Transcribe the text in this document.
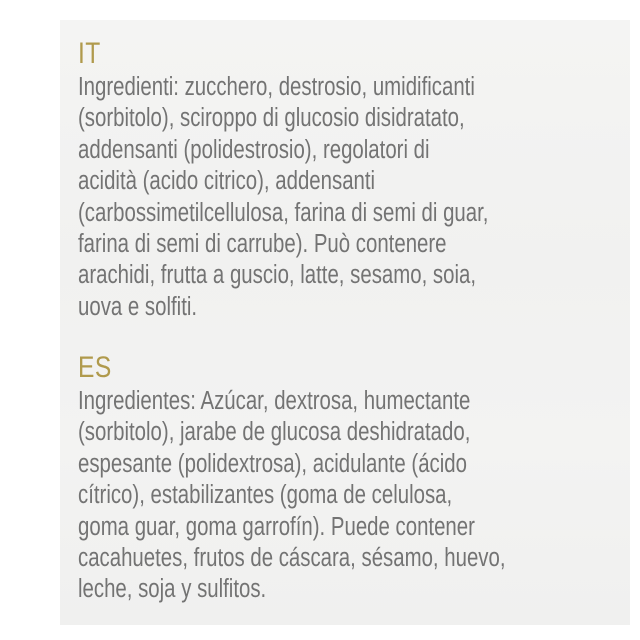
IT

Ingredienti: zucchero, destrosio, umidificanti
(sorbitolo), sciroppo di glucosio disidratato,
addensanti (polidestrosio), regolatori di
acidità (acido citrico), addensanti
(carbossimetilcellulosa, farina di semi di guar,
farina di semi di carrube). Può contenere
arachidi, frutta a guscio, latte, sesamo, soia,
uova e solfiti.

ES

Ingredientes: Azúcar, dextrosa, humectante
(sorbitolo), jarabe de glucosa deshidratado,
espesante (polidextrosa), acidulante (ácido
cítrico), estabilizantes (goma de celulosa,
goma guar, goma garrofín). Puede contener
cacahuetes, frutos de cáscara, sésamo, huevo,
leche, soja y sulfitos.
